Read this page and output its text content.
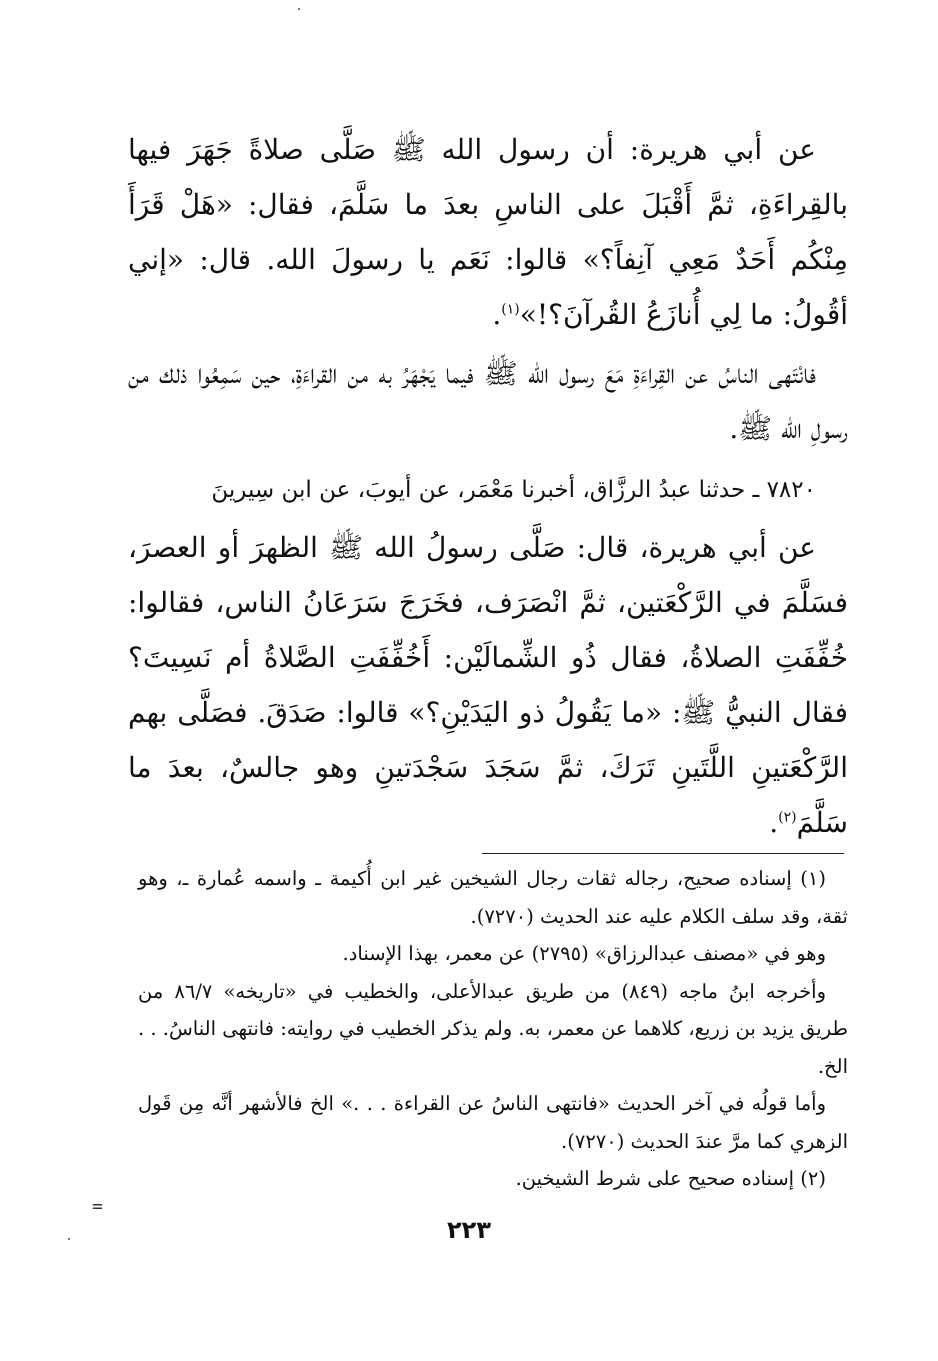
عن أبي هريرة: أن رسول الله ﷺ صَلَّى صلاةً جَهَرَ فيها بالقِراءَةِ، ثمَّ أَقْبَلَ على الناسِ بعدَ ما سَلَّمَ، فقال: «هَلْ قَرَأَ مِنْكُم أَحَدٌ مَعِي آنِفاً؟» قالوا: نَعَم يا رسولَ الله. قال: «إني أقُولُ: ما لِي أُنازَعُ القُرآنَ؟!»$^{(١)}$.

فانْتَهى الناسُ عن القِراءَةِ مَعَ رسول الله ﷺ فيما يَجْهَرُ به من القراءَةِ، حين سَمِعُوا ذلك من رسولِ الله ﷺ.

٧٨٢٠ ـ حدثنا عبدُ الرزَّاق، أخبرنا مَعْمَر، عن أيوبَ، عن ابن سِيرينَ

عن أبي هريرة، قال: صَلَّى رسولُ الله ﷺ الظهرَ أو العصرَ، فسَلَّمَ في الرَّكْعَتين، ثمَّ انْصَرَف، فخَرَجَ سَرَعَانُ الناس، فقالوا: خُفِّفَتِ الصلاةُ، فقال ذُو الشِّمالَيْن: أَخُفِّفَتِ الصَّلاةُ أم نَسِيتَ؟ فقال النبيُّ ﷺ: «ما يَقُولُ ذو اليَدَيْنِ؟» قالوا: صَدَقَ. فصَلَّى بهم الرَّكْعَتينِ اللَّتَينِ تَرَكَ، ثمَّ سَجَدَ سَجْدَتينِ وهو جالسٌ، بعدَ ما سَلَّمَ$^{(٢)}$.

(١) إسناده صحيح، رجاله ثقات رجال الشيخين غير ابن أُكيمة ـ واسمه عُمارة ـ، وهو ثقة، وقد سلف الكلام عليه عند الحديث (٧٢٧٠).

وهو في «مصنف عبدالرزاق» (٢٧٩٥) عن معمر، بهذا الإسناد.

وأخرجه ابنُ ماجه (٨٤٩) من طريق عبدالأعلى، والخطيب في «تاريخه» ٨٦/٧ من طريق يزيد بن زريع، كلاهما عن معمر، به. ولم يذكر الخطيب في روايته: فانتهى الناسُ. . . الخ.

وأما قولُه في آخر الحديث «فانتهى الناسُ عن القراءة . . .» الخ فالأشهر أنَّه مِن قَول الزهري كما مرَّ عندَ الحديث (٧٢٧٠).

(٢) إسناده صحيح على شرط الشيخين.

٢٢٣
=
